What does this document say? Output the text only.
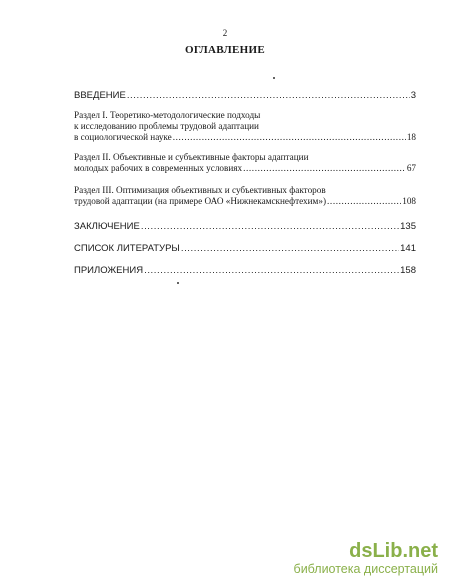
2
ОГЛАВЛЕНИЕ
ВВЕДЕНИЕ .....	3
Раздел I. Теоретико-методологические подходы
к исследованию проблемы трудовой адаптации
в социологической науке .....	18
Раздел II. Объективные и субъективные факторы адаптации
молодых рабочих в современных условиях .....	67
Раздел III. Оптимизация объективных и субъективных факторов
трудовой адаптации (на примере ОАО «Нижнекамскнефтехим») .....	108
ЗАКЛЮЧЕНИЕ .....	135
СПИСОК ЛИТЕРАТУРЫ .....	141
ПРИЛОЖЕНИЯ .....	158
dsLib.net
библиотека диссертаций
